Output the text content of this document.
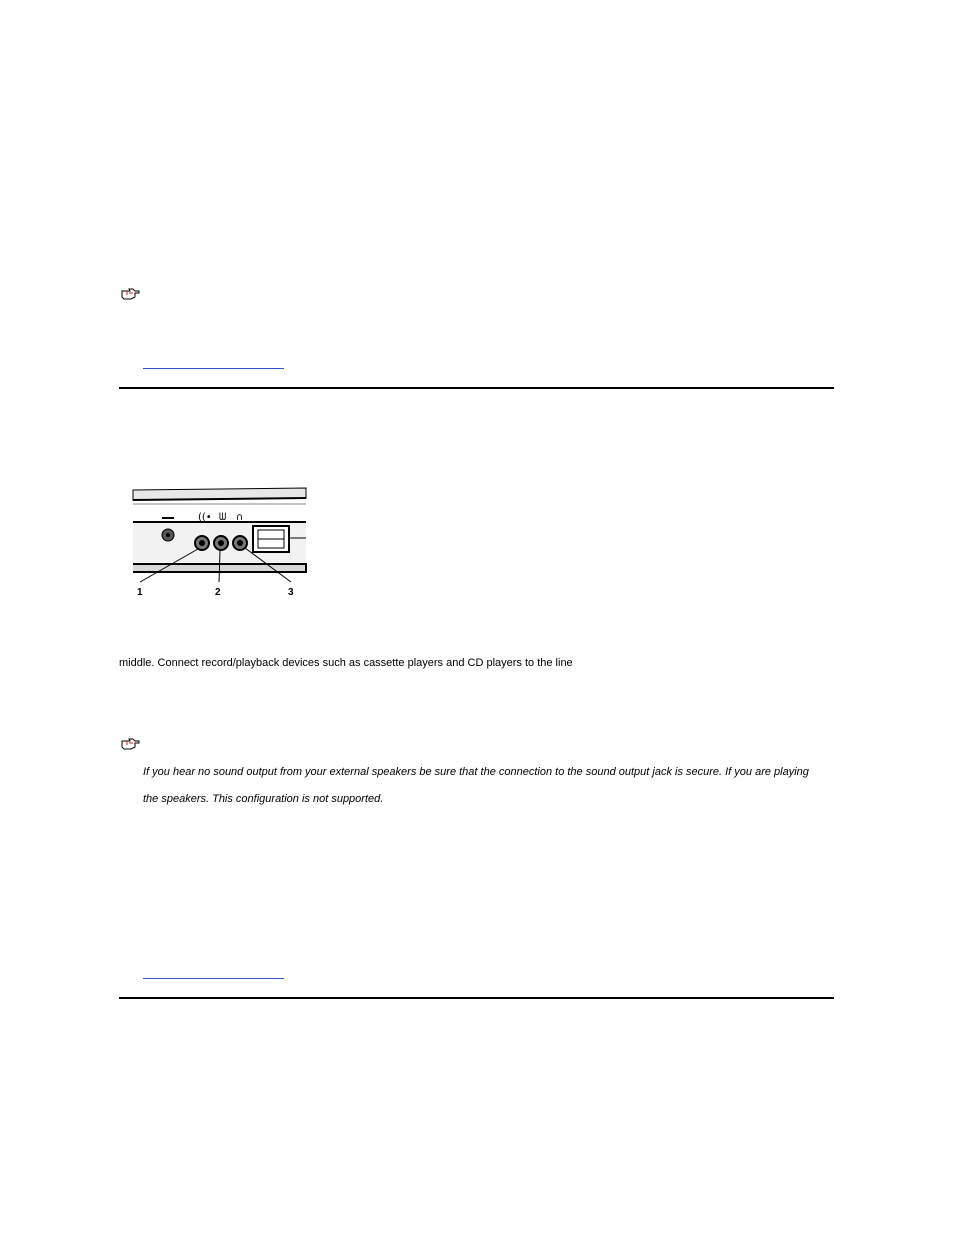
((• ᗯ ∩
1	2	3
middle. Connect record/playback devices such as cassette players and CD players to the line
If you hear no sound output from your external speakers be sure that the connection to the sound output jack is secure. If you are playing
the speakers. This configuration is not supported.
